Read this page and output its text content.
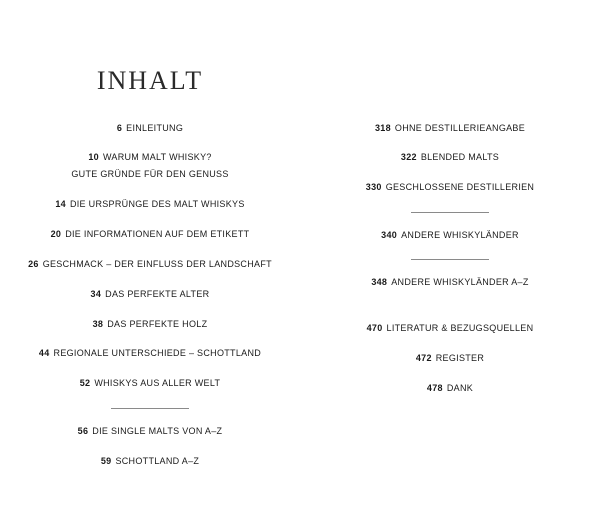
INHALT
6 EINLEITUNG
10 WARUM MALT WHISKY?
GUTE GRÜNDE FÜR DEN GENUSS
14 DIE URSPRÜNGE DES MALT WHISKYS
20 DIE INFORMATIONEN AUF DEM ETIKETT
26 GESCHMACK – DER EINFLUSS DER LANDSCHAFT
34 DAS PERFEKTE ALTER
38 DAS PERFEKTE HOLZ
44 REGIONALE UNTERSCHIEDE – SCHOTTLAND
52 WHISKYS AUS ALLER WELT
56 DIE SINGLE MALTS VON A–Z
59 SCHOTTLAND A–Z
318 OHNE DESTILLERIEANGABE
322 BLENDED MALTS
330 GESCHLOSSENE DESTILLERIEN
340 ANDERE WHISKYLÄNDER
348 ANDERE WHISKYLÄNDER A–Z
470 LITERATUR & BEZUGSQUELLEN
472 REGISTER
478 DANK
